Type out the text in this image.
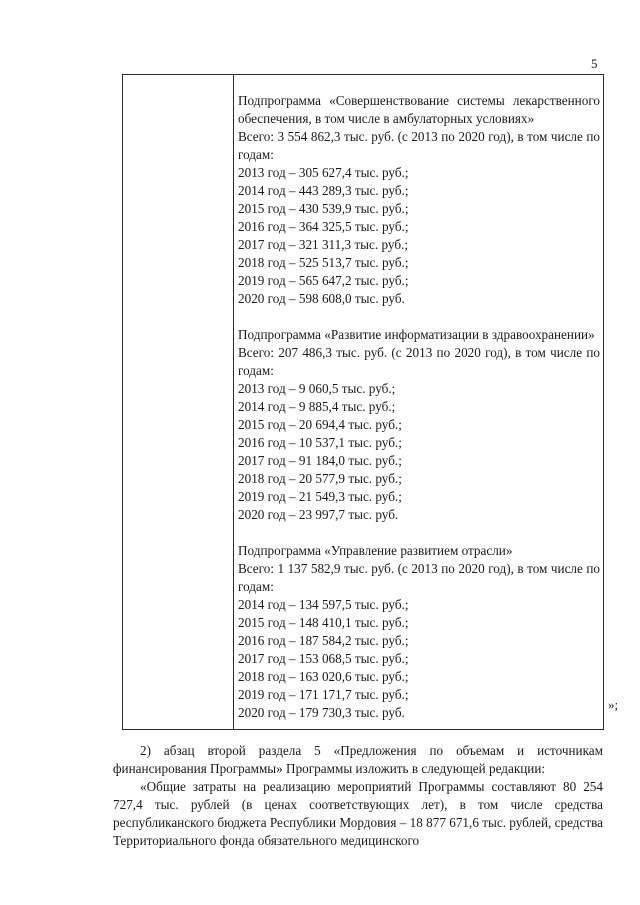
5

Подпрограмма «Совершенствование системы лекарственного обеспечения, в том числе в амбулаторных условиях»

Всего: 3 554 862,3 тыс. руб. (с 2013 по 2020 год), в том числе по годам:

2013 год – 305 627,4 тыс. руб.;

2014 год – 443 289,3 тыс. руб.;

2015 год – 430 539,9 тыс. руб.;

2016 год – 364 325,5 тыс. руб.;

2017 год – 321 311,3 тыс. руб.;

2018 год – 525 513,7 тыс. руб.;

2019 год – 565 647,2 тыс. руб.;

2020 год – 598 608,0 тыс. руб.

Подпрограмма «Развитие информатизации в здравоохранении»

Всего: 207 486,3 тыс. руб. (с 2013 по 2020 год), в том числе по годам:

2013 год – 9 060,5 тыс. руб.;

2014 год – 9 885,4 тыс. руб.;

2015 год – 20 694,4 тыс. руб.;

2016 год – 10 537,1 тыс. руб.;

2017 год – 91 184,0 тыс. руб.;

2018 год – 20 577,9 тыс. руб.;

2019 год – 21 549,3 тыс. руб.;

2020 год – 23 997,7 тыс. руб.

Подпрограмма «Управление развитием отрасли»

Всего: 1 137 582,9 тыс. руб. (с 2013 по 2020 год), в том числе по годам:

2014 год – 134 597,5 тыс. руб.;

2015 год – 148 410,1 тыс. руб.;

2016 год – 187 584,2 тыс. руб.;

2017 год – 153 068,5 тыс. руб.;

2018 год – 163 020,6 тыс. руб.;

2019 год – 171 171,7 тыс. руб.;

2020 год – 179 730,3 тыс. руб.

»;

2) абзац второй раздела 5 «Предложения по объемам и источникам финансирования Программы» Программы изложить в следующей редакции:

«Общие затраты на реализацию мероприятий Программы составляют 80 254 727,4 тыс. рублей (в ценах соответствующих лет), в том числе средства республиканского бюджета Республики Мордовия – 18 877 671,6 тыс. рублей, средства Территориального фонда обязательного медицинского
